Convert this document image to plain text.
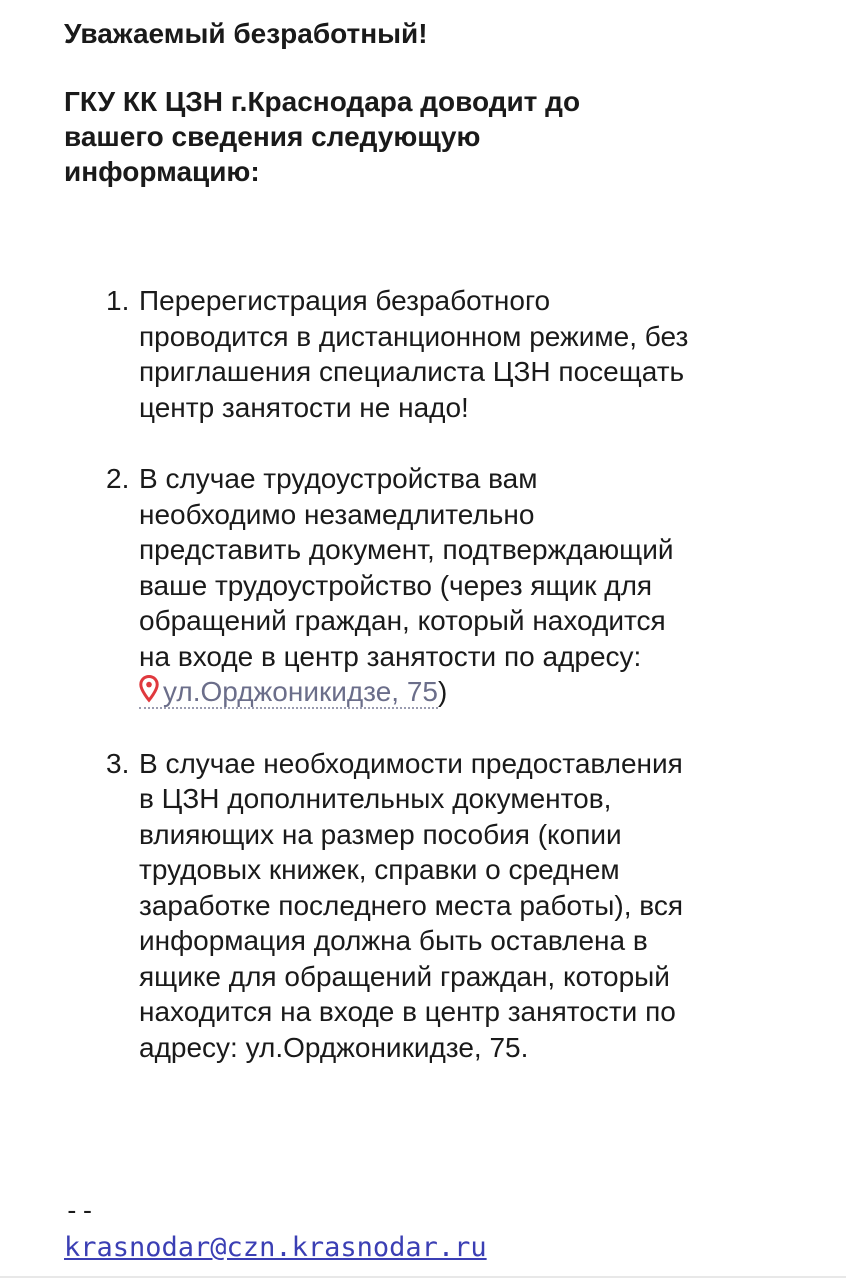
Уважаемый безработный!

ГКУ КК ЦЗН г.Краснодара доводит до вашего сведения следующую информацию:

1. Перерегистрация безработного проводится в дистанционном режиме, без приглашения специалиста ЦЗН посещать центр занятости не надо!
2. В случае трудоустройства вам необходимо незамедлительно представить документ, подтверждающий ваше трудоустройство (через ящик для обращений граждан, который находится на входе в центр занятости по адресу: ул.Орджоникидзе, 75)
3. В случае необходимости предоставления в ЦЗН дополнительных документов, влияющих на размер пособия (копии трудовых книжек, справки о среднем заработке последнего места работы), вся информация должна быть оставлена в ящике для обращений граждан, который находится на входе в центр занятости по адресу: ул.Орджоникидзе, 75.

--

krasnodar@czn.krasnodar.ru
